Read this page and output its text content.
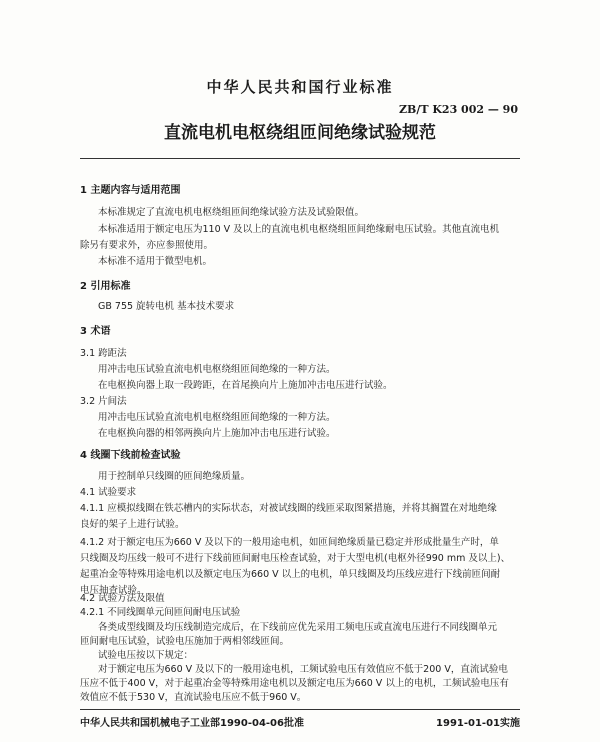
中华人民共和国行业标准
ZB/T K23 002 — 90
直流电机电枢绕组匝间绝缘试验规范
1 主题内容与适用范围
本标准规定了直流电机电枢绕组匝间绝缘试验方法及试验限值。
本标准适用于额定电压为110 V 及以上的直流电机电枢绕组匝间绝缘耐电压试验。其他直流电机
除另有要求外，亦应参照使用。
本标准不适用于微型电机。
2 引用标准
GB 755 旋转电机 基本技术要求
3 术语
3.1 跨距法
用冲击电压试验直流电机电枢绕组匝间绝缘的一种方法。
在电枢换向器上取一段跨距，在首尾换向片上施加冲击电压进行试验。
3.2 片间法
用冲击电压试验直流电机电枢绕组匝间绝缘的一种方法。
在电枢换向器的相邻两换向片上施加冲击电压进行试验。
4 线圈下线前检查试验
用于控制单只线圈的匝间绝缘质量。
4.1 试验要求
4.1.1 应模拟线圈在铁芯槽内的实际状态，对被试线圈的线匝采取图紧措施，并将其搁置在对地绝缘
良好的架子上进行试验。
4.1.2 对于额定电压为660 V 及以下的一般用途电机，如匝间绝缘质量已稳定并形成批量生产时，单
只线圈及均压线一般可不进行下线前匝间耐电压检查试验，对于大型电机(电枢外径990 mm 及以上)、
起重冶金等特殊用途电机以及额定电压为660 V 以上的电机，单只线圈及均压线应进行下线前匝间耐
电压抽查试验。
4.2 试验方法及限值
4.2.1 不同线圈单元间匝间耐电压试验
各类成型线圈及均压线制造完成后，在下线前应优先采用工频电压或直流电压进行不同线圈单元
匝间耐电压试验，试验电压施加于两相邻线匝间。
试验电压按以下规定：
对于额定电压为660 V 及以下的一般用途电机，工频试验电压有效值应不低于200 V，直流试验电
压应不低于400 V，对于起重冶金等特殊用途电机以及额定电压为660 V 以上的电机，工频试验电压有
效值应不低于530 V，直流试验电压应不低于960 V。
中华人民共和国机械电子工业部1990-04-06批准	1991-01-01实施
